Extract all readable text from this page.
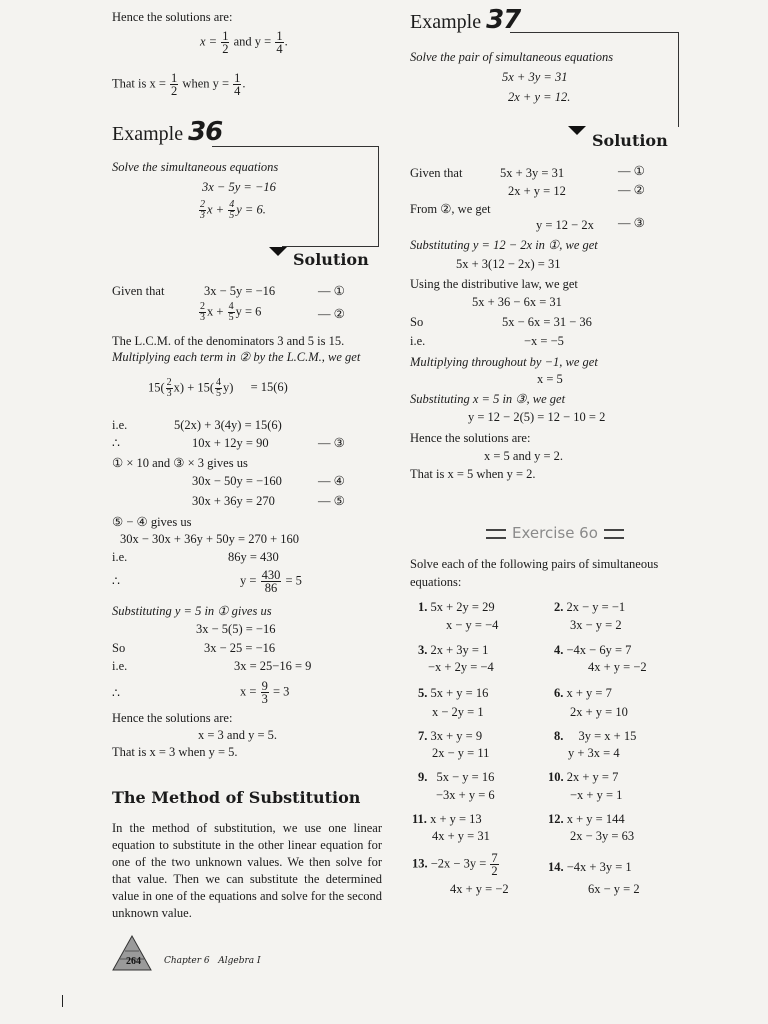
Hence the solutions are:
$x = \frac{1}{2}$ and $y = \frac{1}{4}$ .
That is $x = \frac{1}{2}$ when $y = \frac{1}{4}$ .
Example 36
Solve the simultaneous equations
3x − 5y = −16
$\frac{2}{3}$ $x + \frac{4}{5}$ y = 6.
Solution
Given that	3x − 5y = −16	— ①
$\frac{2}{3}$ $x + \frac{4}{5}$ y = 6	— ②
The L.C.M. of the denominators 3 and 5 is 15.
Multiplying each term in ② by the L.C.M., we get
$15( \frac{2}{3} x) + 15( \frac{4}{5} y) = 15(6)$
i.e.	5(2x) + 3(4y) = 15(6)
∴	10x + 12y = 90	— ③
① × 10 and ③ × 3 gives us
30x − 50y = −160	— ④
30x + 36y = 270	— ⑤
⑤ − ④ gives us
30x − 30x + 36y + 50y = 270 + 160
i.e.	86y = 430
∴	$y = \frac{430}{86} = 5$
Substituting y = 5 in ① gives us
3x − 5(5) = −16
So	3x − 25 = −16
i.e.	3x = 25−16 = 9
∴	$x = \frac{9}{3} = 3$
Hence the solutions are:
x = 3 and y = 5.
That is x = 3 when y = 5.
The Method of Substitution
In the method of substitution, we use one linear equation to substitute in the other linear equation for one of the two unknown values. We then solve for that value. Then we can substitute the determined value in one of the equations and solve for the second unknown value.
Example 37
Solve the pair of simultaneous equations
5x + 3y = 31
2x + y = 12.
Solution
Given that	5x + 3y = 31	— ①
2x + y = 12	— ②
From ②, we get
y = 12 − 2x — ③
Substituting y = 12 − 2x in ①, we get
5x + 3(12 − 2x) = 31
Using the distributive law, we get
5x + 36 − 6x = 31
So	5x − 6x = 31 − 36
i.e.	−x = −5
Multiplying throughout by −1, we get
x = 5
Substituting x = 5 in ③, we get
y = 12 − 2(5) = 12 − 10 = 2
Hence the solutions are:
x = 5 and y = 2.
That is x = 5 when y = 2.
Exercise 6o
Solve each of the following pairs of simultaneous
equations:
1. 5x + 2y = 29
x − y = −4
2. 2x − y = −1
3x − y = 2
3. 2x + 3y = 1
−x + 2y = −4
4. −4x − 6y = 7
4x + y = −2
5. 5x + y = 16
x − 2y = 1
6. x + y = 7
2x + y = 10
7. 3x + y = 9
2x − y = 11
8. 3y = x + 15
y + 3x = 4
9. 5x − y = 16
−3x + y = 6
10. 2x + y = 7
−x + y = 1
11. x + y = 13
4x + y = 31
12. x + y = 144
2x − 3y = 63
13. $-2x - 3y = \frac{7}{2}$
4x + y = −2
14. −4x + 3y = 1
6x − y = 2
264	Chapter 6 Algebra I
